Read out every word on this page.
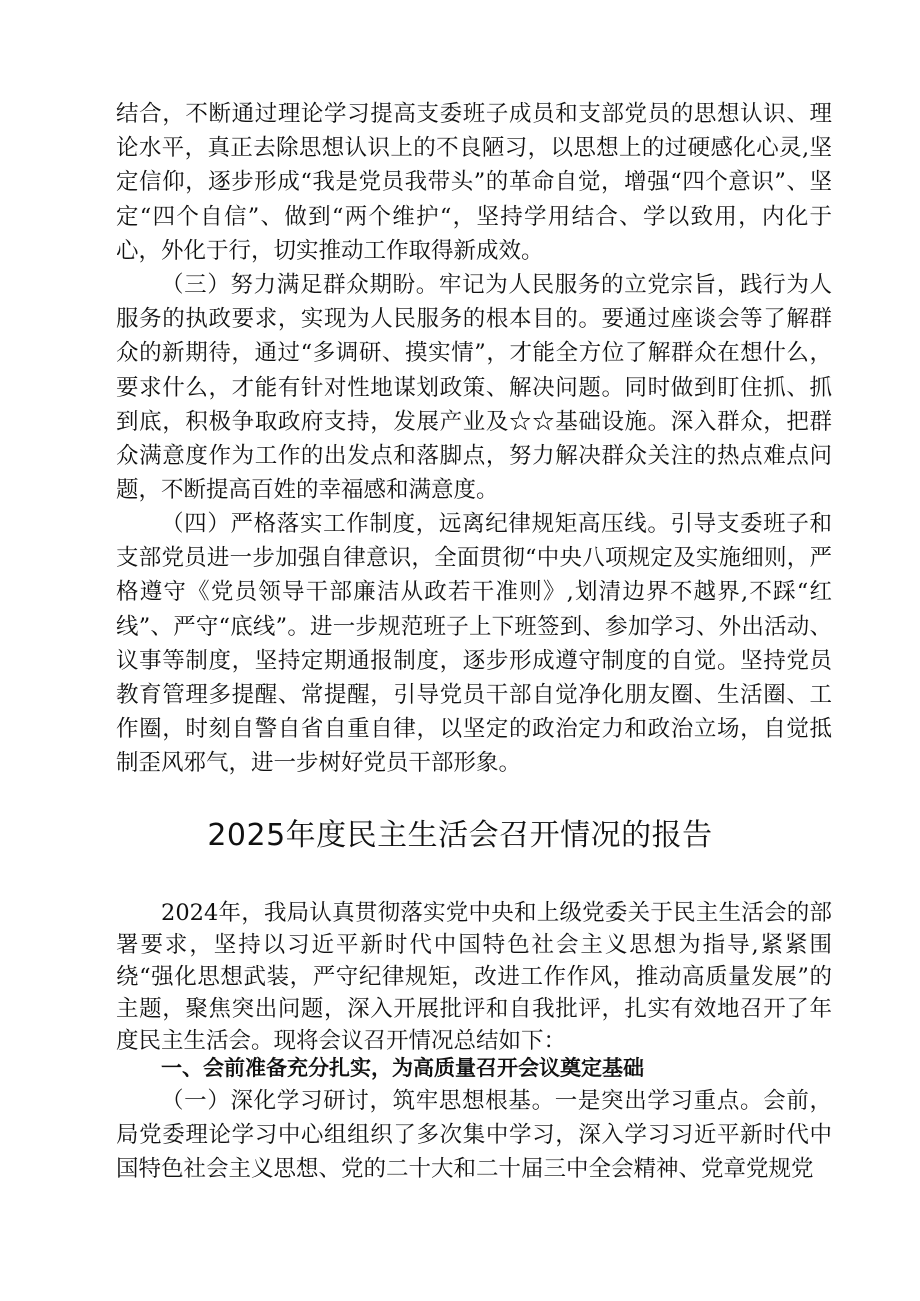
结合，不断通过理论学习提高支委班子成员和支部党员的思想认识、理论水平，真正去除思想认识上的不良陋习，以思想上的过硬感化心灵,坚定信仰，逐步形成“我是党员我带头”的革命自觉，增强“四个意识”、坚定“四个自信”、做到“两个维护“，坚持学用结合、学以致用，内化于心，外化于行，切实推动工作取得新成效。

（三）努力满足群众期盼。牢记为人民服务的立党宗旨，践行为人服务的执政要求，实现为人民服务的根本目的。要通过座谈会等了解群众的新期待，通过“多调研、摸实情”，才能全方位了解群众在想什么，要求什么，才能有针对性地谋划政策、解决问题。同时做到盯住抓、抓到底，积极争取政府支持，发展产业及☆☆基础设施。深入群众，把群众满意度作为工作的出发点和落脚点，努力解决群众关注的热点难点问题，不断提高百姓的幸福感和满意度。

（四）严格落实工作制度，远离纪律规矩高压线。引导支委班子和支部党员进一步加强自律意识，全面贯彻“中央八项规定及实施细则，严格遵守《党员领导干部廉洁从政若干准则》,划清边界不越界,不踩“红线”、严守“底线”。进一步规范班子上下班签到、参加学习、外出活动、议事等制度，坚持定期通报制度，逐步形成遵守制度的自觉。坚持党员教育管理多提醒、常提醒，引导党员干部自觉净化朋友圈、生活圈、工作圈，时刻自警自省自重自律，以坚定的政治定力和政治立场，自觉抵制歪风邪气，进一步树好党员干部形象。

2025年度民主生活会召开情况的报告

2024年，我局认真贯彻落实党中央和上级党委关于民主生活会的部署要求，坚持以习近平新时代中国特色社会主义思想为指导,紧紧围绕“强化思想武装，严守纪律规矩，改进工作作风，推动高质量发展”的主题，聚焦突出问题，深入开展批评和自我批评，扎实有效地召开了年度民主生活会。现将会议召开情况总结如下：

一、会前准备充分扎实，为高质量召开会议奠定基础

（一）深化学习研讨，筑牢思想根基。一是突出学习重点。会前，局党委理论学习中心组组织了多次集中学习，深入学习习近平新时代中国特色社会主义思想、党的二十大和二十届三中全会精神、党章党规党
